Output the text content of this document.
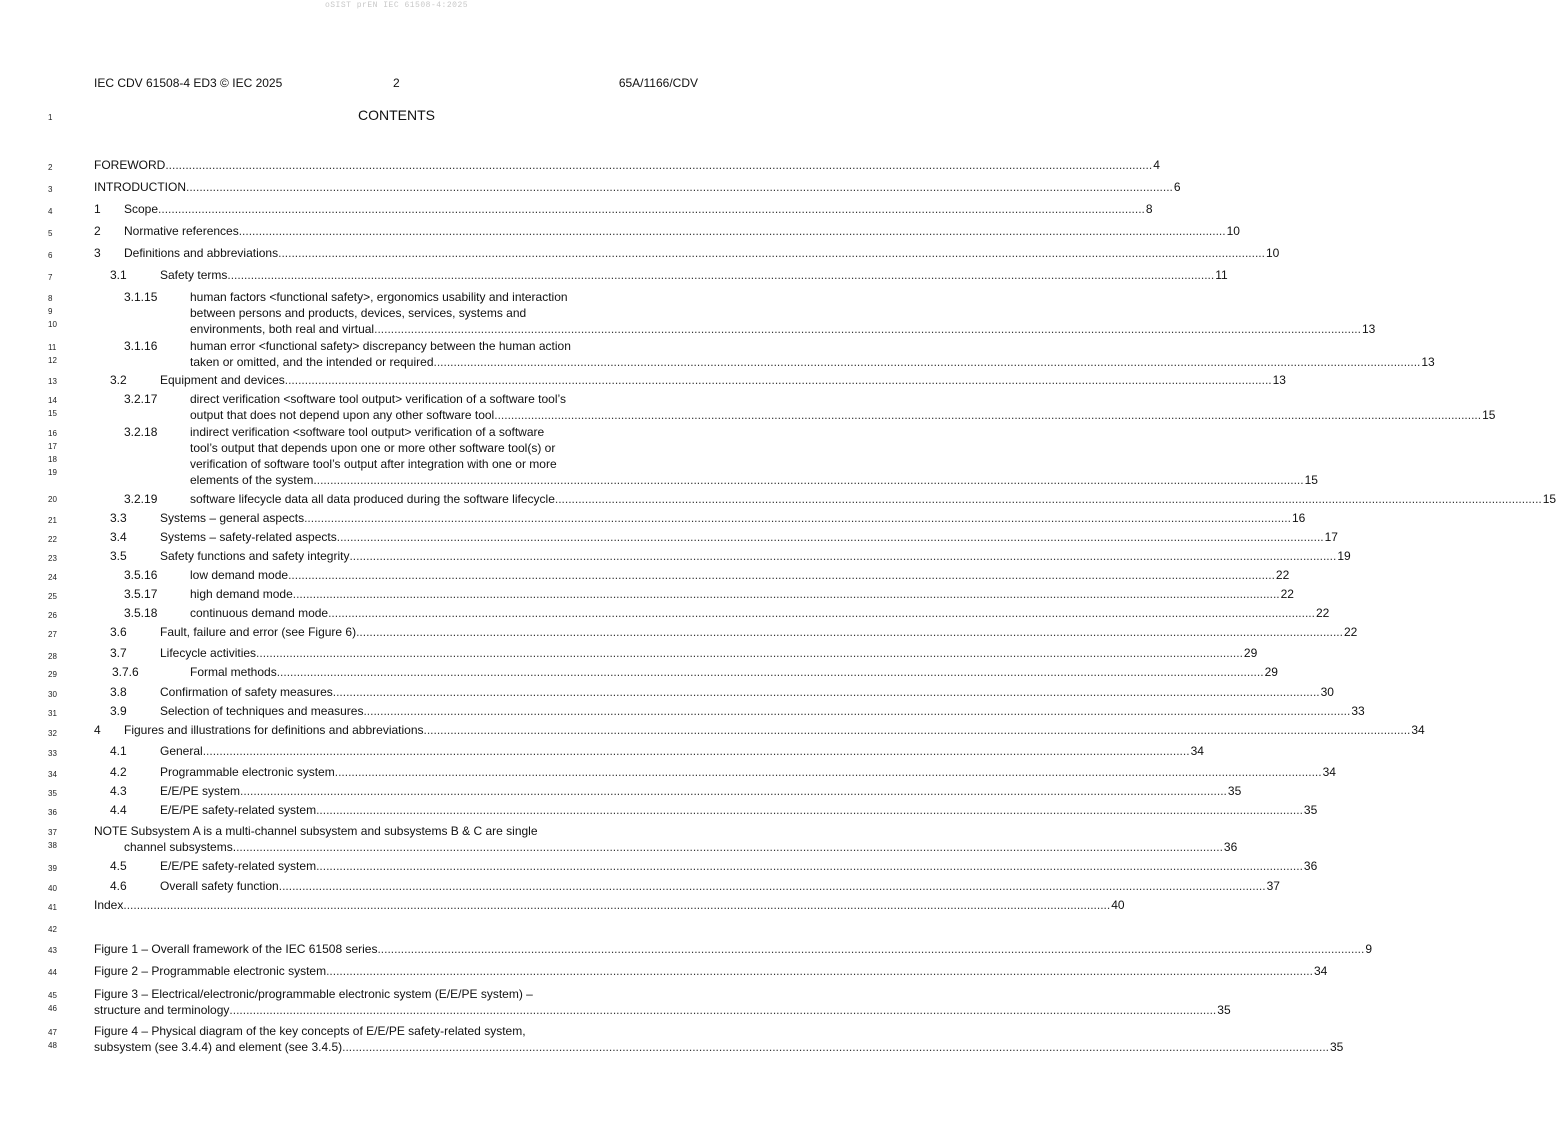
oSIST prEN IEC 61508-4:2025
IEC CDV 61508-4 ED3 © IEC 2025	2	65A/1166/CDV
CONTENTS
1
2
3
4
5
6
7
8
9
10
11
12
13
14
15
16
17
18
19
20
21
22
23
24
25
26
27
28
29
30
31
32
33
34
35
36
37
38
39
40
41
42
43
44
45
46
47
48
FOREWORD .....	4
INTRODUCTION .....	6
1 Scope .....	8
2 Normative references .....	10
3 Definitions and abbreviations .....	10
3.1	Safety terms .....	11
3.1.15	human factors <functional safety>, ergonomics usability and interaction
between persons and products, devices, services, systems and
environments, both real and virtual .....	13
3.1.16	human error <functional safety> discrepancy between the human action
taken or omitted, and the intended or required .....	13
3.2	Equipment and devices .....	13
3.2.17	direct verification <software tool output> verification of a software tool’s
output that does not depend upon any other software tool .....	15
3.2.18	indirect verification <software tool output> verification of a software
tool’s output that depends upon one or more other software tool(s) or
verification of software tool’s output after integration with one or more
elements of the system. .....	15
3.2.19	software lifecycle data all data produced during the software lifecycle .....	15
3.3	Systems – general aspects .....	16
3.4	Systems – safety-related aspects .....	17
3.5	Safety functions and safety integrity .....	19
3.5.16	low demand mode .....	22
3.5.17	high demand mode .....	22
3.5.18	continuous demand mode .....	22
3.6	Fault, failure and error (see Figure 6) .....	22
3.7	Lifecycle activities .....	29
3.7.6	Formal methods .....	29
3.8	Confirmation of safety measures .....	30
3.9	Selection of techniques and measures .....	33
4 Figures and illustrations for definitions and abbreviations .....	34
4.1	General .....	34
4.2	Programmable electronic system .....	34
4.3	E/E/PE system .....	35
4.4	E/E/PE safety-related system .....	35
NOTE Subsystem A is a multi-channel subsystem and subsystems B & C are single
channel subsystems. .....	36
4.5	E/E/PE safety-related system .....	36
4.6	Overall safety function .....	37
Index .....	40
Figure 1 – Overall framework of the IEC 61508 series .....	9
Figure 2 – Programmable electronic system .....	34
Figure 3 – Electrical/electronic/programmable electronic system (E/E/PE system) –
structure and terminology .....	35
Figure 4 – Physical diagram of the key concepts of E/E/PE safety-related system,
subsystem (see 3.4.4) and element (see 3.4.5) .....	35
